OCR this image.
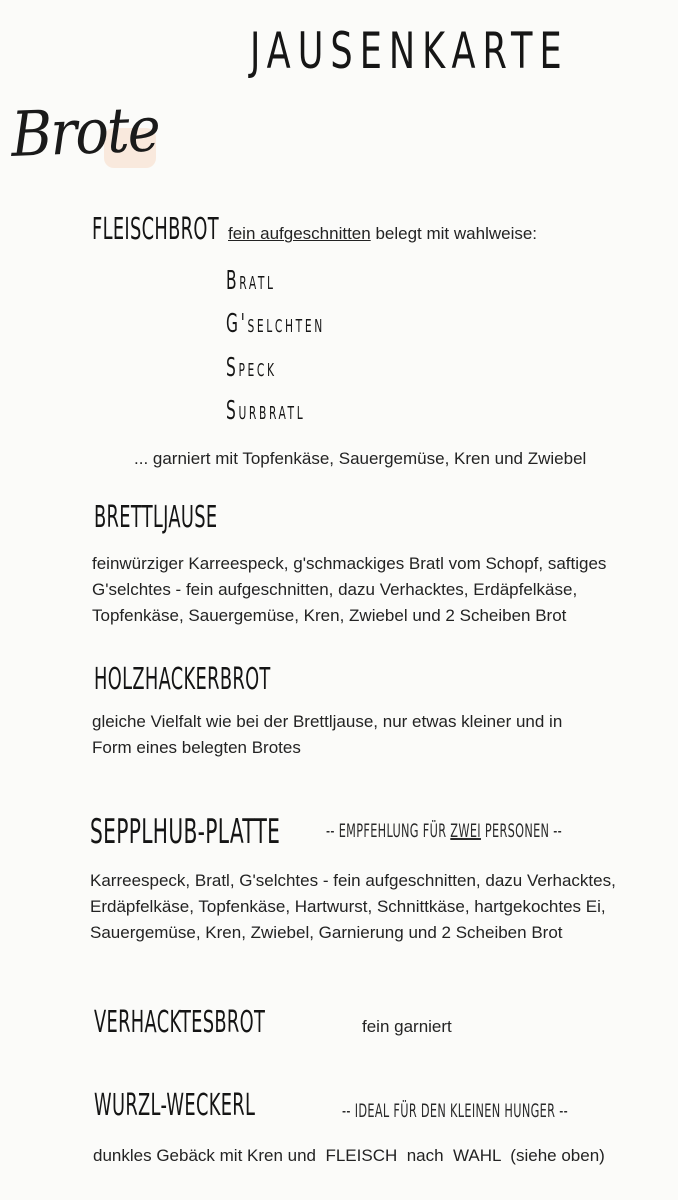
JAUSENKARTE
Brote
FLEISCHBROT fein aufgeschnitten belegt mit wahlweise:
Bratl
G'selchten
Speck
Surbratl
... garniert mit Topfenkäse, Sauergemüse, Kren und Zwiebel
BRETTLJAUSE
feinwürziger Karreespeck, g'schmackiges Bratl vom Schopf, saftiges
G'selchtes - fein aufgeschnitten, dazu Verhacktes, Erdäpfelkäse,
Topfenkäse, Sauergemüse, Kren, Zwiebel und 2 Scheiben Brot
HOLZHACKERBROT
gleiche Vielfalt wie bei der Brettljause, nur etwas kleiner und in
Form eines belegten Brotes
SEPPLHUB-PLATTE -- EMPFEHLUNG FÜR ZWEI PERSONEN --
Karreespeck, Bratl, G'selchtes - fein aufgeschnitten, dazu Verhacktes,
Erdäpfelkäse, Topfenkäse, Hartwurst, Schnittkäse, hartgekochtes Ei,
Sauergemüse, Kren, Zwiebel, Garnierung und 2 Scheiben Brot
VERHACKTESBROT	fein garniert
WURZL-WECKERL	-- IDEAL FÜR DEN KLEINEN HUNGER --
dunkles Gebäck mit Kren und  FLEISCH  nach  WAHL  (siehe oben)
